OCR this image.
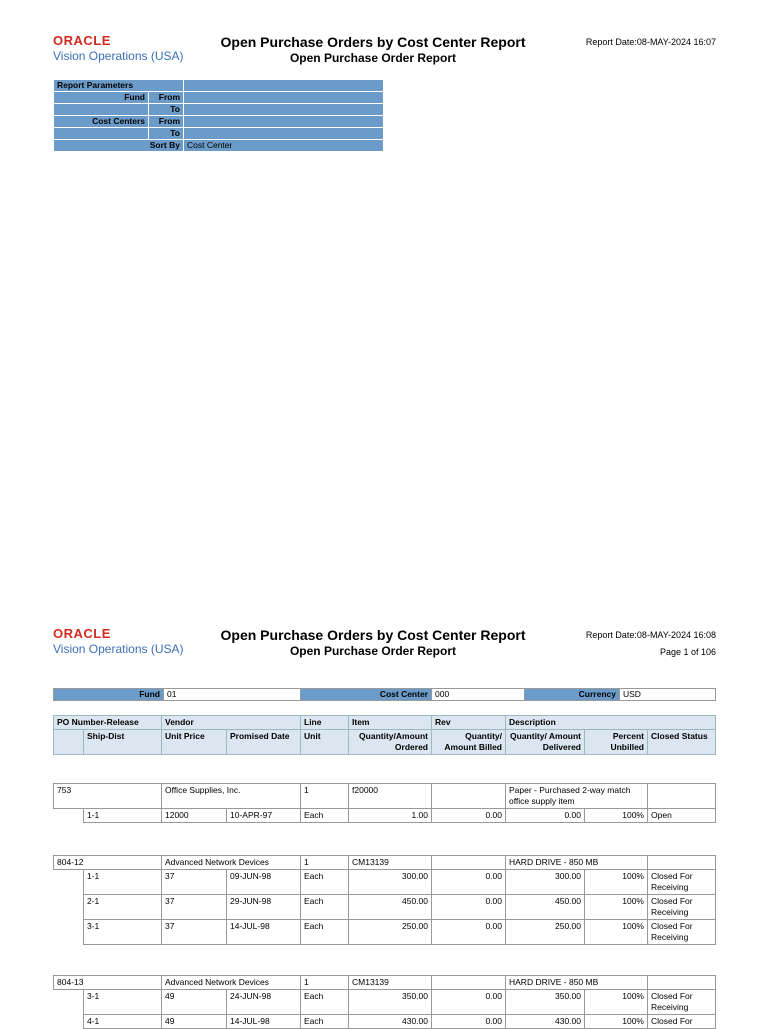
ORACLE
Vision Operations (USA)
Open Purchase Orders by Cost Center Report
Open Purchase Order Report
Report Date:08-MAY-2024 16:07
Report Parameters		
Fund	From	
	To	
Cost Centers	From	
	To	
Sort By		Cost Center
ORACLE
Vision Operations (USA)
Open Purchase Orders by Cost Center Report
Open Purchase Order Report
Report Date:08-MAY-2024 16:08
Page 1 of 106
Fund	01	Cost Center	000	Currency	USD
PO Number-Release		Vendor		Line	Item	Rev	Description		
	Ship-Dist	Unit Price	Promised Date	Unit	Quantity/Amount Ordered	Quantity/ Amount Billed	Quantity/ Amount Delivered	Percent Unbilled	Closed Status
753		Office Supplies, Inc.		1	f20000		Paper - Purchased 2-way match office supply item		
	1-1	12000	10-APR-97	Each	1.00	0.00	0.00	100%	Open
804-12		Advanced Network Devices		1	CM13139		HARD DRIVE - 850 MB		
	1-1	37	09-JUN-98	Each	300.00	0.00	300.00	100%	Closed For Receiving
	2-1	37	29-JUN-98	Each	450.00	0.00	450.00	100%	Closed For Receiving
	3-1	37	14-JUL-98	Each	250.00	0.00	250.00	100%	Closed For Receiving
804-13		Advanced Network Devices		1	CM13139		HARD DRIVE - 850 MB		
	3-1	49	24-JUN-98	Each	350.00	0.00	350.00	100%	Closed For Receiving
	4-1	49	14-JUL-98	Each	430.00	0.00	430.00	100%	Closed For
